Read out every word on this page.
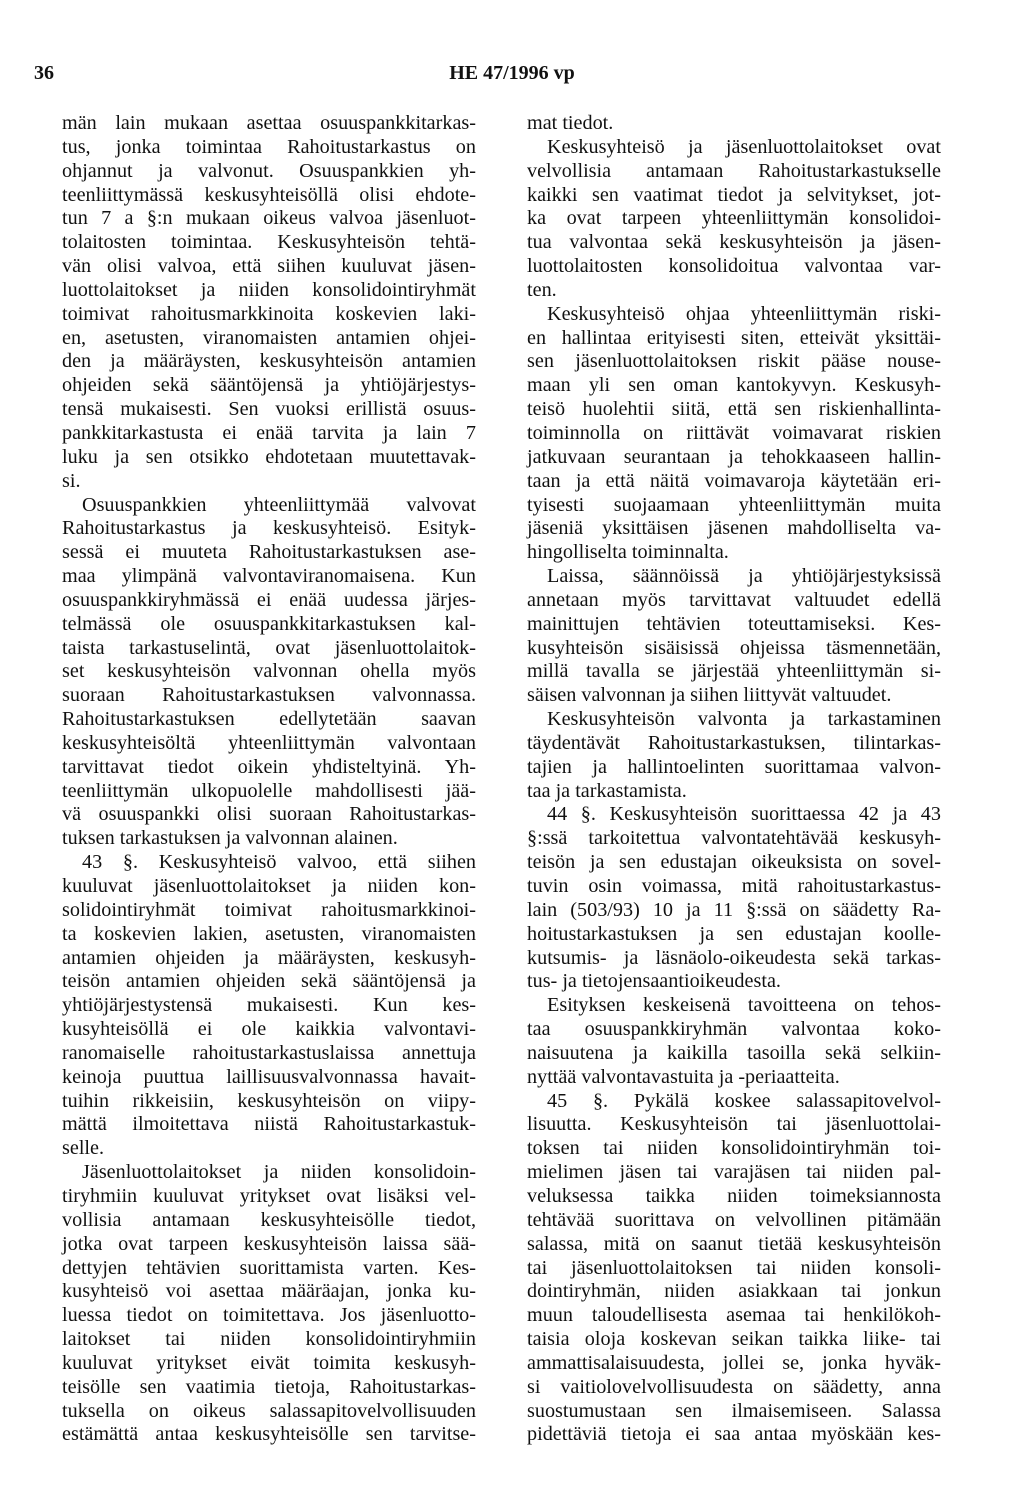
36	HE 47/1996 vp
män lain mukaan asettaa osuuspankkitarkas-
tus, jonka toimintaa Rahoitustarkastus on
ohjannut ja valvonut. Osuuspankkien yh-
teenliittymässä keskusyhteisöllä olisi ehdote-
tun 7 a §:n mukaan oikeus valvoa jäsenluot-
tolaitosten toimintaa. Keskusyhteisön tehtä-
vän olisi valvoa, että siihen kuuluvat jäsen-
luottolaitokset ja niiden konsolidointiryhmät
toimivat rahoitusmarkkinoita koskevien laki-
en, asetusten, viranomaisten antamien ohjei-
den ja määräysten, keskusyhteisön antamien
ohjeiden sekä sääntöjensä ja yhtiöjärjestys-
tensä mukaisesti. Sen vuoksi erillistä osuus-
pankkitarkastusta ei enää tarvita ja lain 7
luku ja sen otsikko ehdotetaan muutettavak-
si.
Osuuspankkien yhteenliittymää valvovat
Rahoitustarkastus ja keskusyhteisö. Esityk-
sessä ei muuteta Rahoitustarkastuksen ase-
maa ylimpänä valvontaviranomaisena. Kun
osuuspankkiryhmässä ei enää uudessa järjes-
telmässä ole osuuspankkitarkastuksen kal-
taista tarkastuselintä, ovat jäsenluottolaitok-
set keskusyhteisön valvonnan ohella myös
suoraan Rahoitustarkastuksen valvonnassa.
Rahoitustarkastuksen edellytetään saavan
keskusyhteisöltä yhteenliittymän valvontaan
tarvittavat tiedot oikein yhdisteltyinä. Yh-
teenliittymän ulkopuolelle mahdollisesti jää-
vä osuuspankki olisi suoraan Rahoitustarkas-
tuksen tarkastuksen ja valvonnan alainen.
43 §. Keskusyhteisö valvoo, että siihen
kuuluvat jäsenluottolaitokset ja niiden kon-
solidointiryhmät toimivat rahoitusmarkkinoi-
ta koskevien lakien, asetusten, viranomaisten
antamien ohjeiden ja määräysten, keskusyh-
teisön antamien ohjeiden sekä sääntöjensä ja
yhtiöjärjestystensä mukaisesti. Kun kes-
kusyhteisöllä ei ole kaikkia valvontavi-
ranomaiselle rahoitustarkastuslaissa annettuja
keinoja puuttua laillisuusvalvonnassa havait-
tuihin rikkeisiin, keskusyhteisön on viipy-
mättä ilmoitettava niistä Rahoitustarkastuk-
selle.
Jäsenluottolaitokset ja niiden konsolidoin-
tiryhmiin kuuluvat yritykset ovat lisäksi vel-
vollisia antamaan keskusyhteisölle tiedot,
jotka ovat tarpeen keskusyhteisön laissa sää-
dettyjen tehtävien suorittamista varten. Kes-
kusyhteisö voi asettaa määräajan, jonka ku-
luessa tiedot on toimitettava. Jos jäsenluotto-
laitokset tai niiden konsolidointiryhmiin
kuuluvat yritykset eivät toimita keskusyh-
teisölle sen vaatimia tietoja, Rahoitustarkas-
tuksella on oikeus salassapitovelvollisuuden
estämättä antaa keskusyhteisölle sen tarvitse-
mat tiedot.
Keskusyhteisö ja jäsenluottolaitokset ovat
velvollisia antamaan Rahoitustarkastukselle
kaikki sen vaatimat tiedot ja selvitykset, jot-
ka ovat tarpeen yhteenliittymän konsolidoi-
tua valvontaa sekä keskusyhteisön ja jäsen-
luottolaitosten konsolidoitua valvontaa var-
ten.
Keskusyhteisö ohjaa yhteenliittymän riski-
en hallintaa erityisesti siten, etteivät yksittäi-
sen jäsenluottolaitoksen riskit pääse nouse-
maan yli sen oman kantokyvyn. Keskusyh-
teisö huolehtii siitä, että sen riskienhallinta-
toiminnolla on riittävät voimavarat riskien
jatkuvaan seurantaan ja tehokkaaseen hallin-
taan ja että näitä voimavaroja käytetään eri-
tyisesti suojaamaan yhteenliittymän muita
jäseniä yksittäisen jäsenen mahdolliselta va-
hingolliselta toiminnalta.
Laissa, säännöissä ja yhtiöjärjestyksissä
annetaan myös tarvittavat valtuudet edellä
mainittujen tehtävien toteuttamiseksi. Kes-
kusyhteisön sisäisissä ohjeissa täsmennetään,
millä tavalla se järjestää yhteenliittymän si-
säisen valvonnan ja siihen liittyvät valtuudet.
Keskusyhteisön valvonta ja tarkastaminen
täydentävät Rahoitustarkastuksen, tilintarkas-
tajien ja hallintoelinten suorittamaa valvon-
taa ja tarkastamista.
44 §. Keskusyhteisön suorittaessa 42 ja 43
§:ssä tarkoitettua valvontatehtävää keskusyh-
teisön ja sen edustajan oikeuksista on sovel-
tuvin osin voimassa, mitä rahoitustarkastus-
lain (503/93) 10 ja 11 §:ssä on säädetty Ra-
hoitustarkastuksen ja sen edustajan koolle-
kutsumis- ja läsnäolo-oikeudesta sekä tarkas-
tus- ja tietojensaantioikeudesta.
Esityksen keskeisenä tavoitteena on tehos-
taa osuuspankkiryhmän valvontaa koko-
naisuutena ja kaikilla tasoilla sekä selkiin-
nyttää valvontavastuita ja -periaatteita.
45 §. Pykälä koskee salassapitovelvol-
lisuutta. Keskusyhteisön tai jäsenluottolai-
toksen tai niiden konsolidointiryhmän toi-
mielimen jäsen tai varajäsen tai niiden pal-
veluksessa taikka niiden toimeksiannosta
tehtävää suorittava on velvollinen pitämään
salassa, mitä on saanut tietää keskusyhteisön
tai jäsenluottolaitoksen tai niiden konsoli-
dointiryhmän, niiden asiakkaan tai jonkun
muun taloudellisesta asemaa tai henkilökoh-
taisia oloja koskevan seikan taikka liike- tai
ammattisalaisuudesta, jollei se, jonka hyväk-
si vaitiolovelvollisuudesta on säädetty, anna
suostumustaan sen ilmaisemiseen. Salassa
pidettäviä tietoja ei saa antaa myöskään kes-
